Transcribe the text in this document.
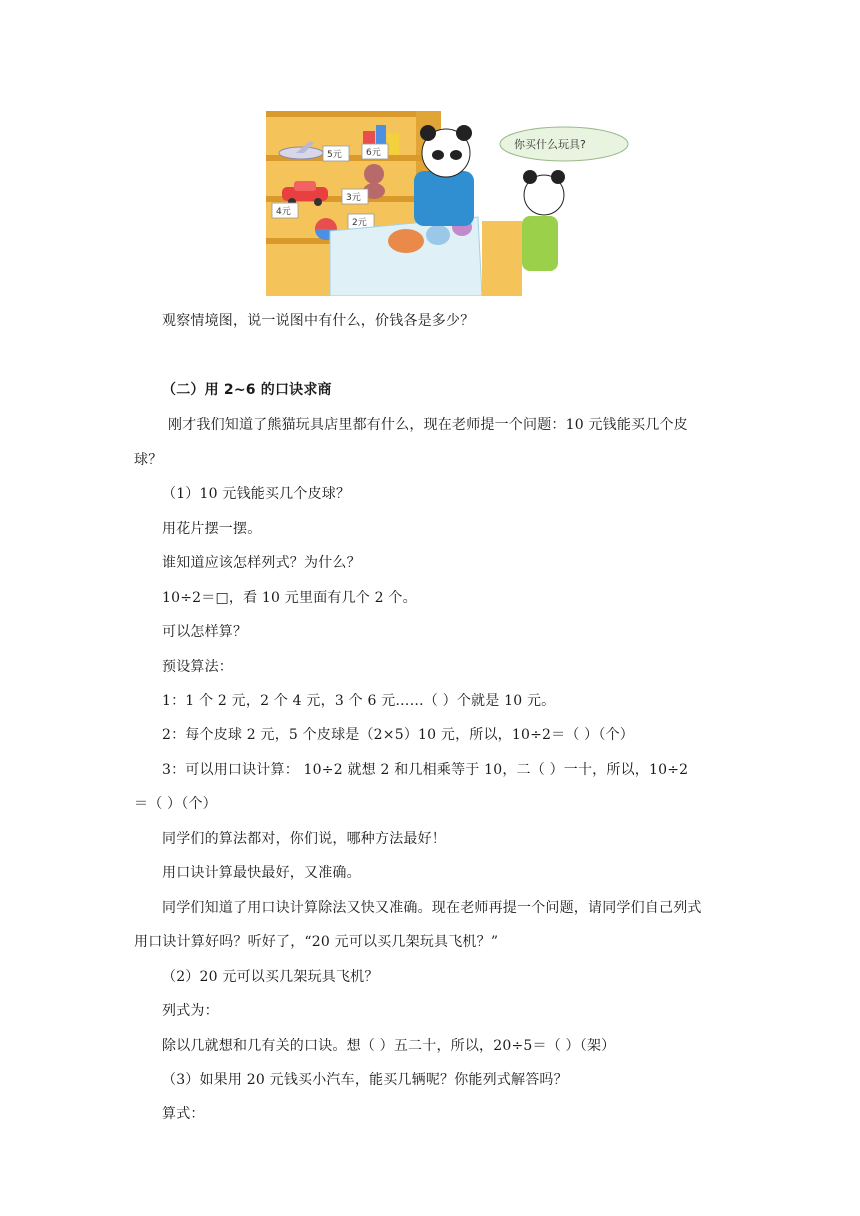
5元	6元
4元
3元
2元
你买什么玩具?
观察情境图，说一说图中有什么，价钱各是多少？
（二）用 2~6 的口诀求商
刚才我们知道了熊猫玩具店里都有什么，现在老师提一个问题：10 元钱能买几个皮
球？
（1）10 元钱能买几个皮球？
用花片摆一摆。
谁知道应该怎样列式？为什么？
10÷2＝□，看 10 元里面有几个 2 个。
可以怎样算？
预设算法：
1：1 个 2 元，2 个 4 元，3 个 6 元……（ ）个就是 10 元。
2：每个皮球 2 元，5 个皮球是（2×5）10 元，所以，10÷2＝（ ）（个）
3：可以用口诀计算： 10÷2 就想 2 和几相乘等于 10，二（ ）一十，所以，10÷2
＝（ ）（个）
同学们的算法都对，你们说，哪种方法最好！
用口诀计算最快最好，又准确。
同学们知道了用口诀计算除法又快又准确。现在老师再提一个问题，请同学们自己列式
用口诀计算好吗？听好了，“20 元可以买几架玩具飞机？”
（2）20 元可以买几架玩具飞机？
列式为：
除以几就想和几有关的口诀。想（ ）五二十，所以，20÷5＝（ ）（架）
（3）如果用 20 元钱买小汽车，能买几辆呢？你能列式解答吗？
算式：
